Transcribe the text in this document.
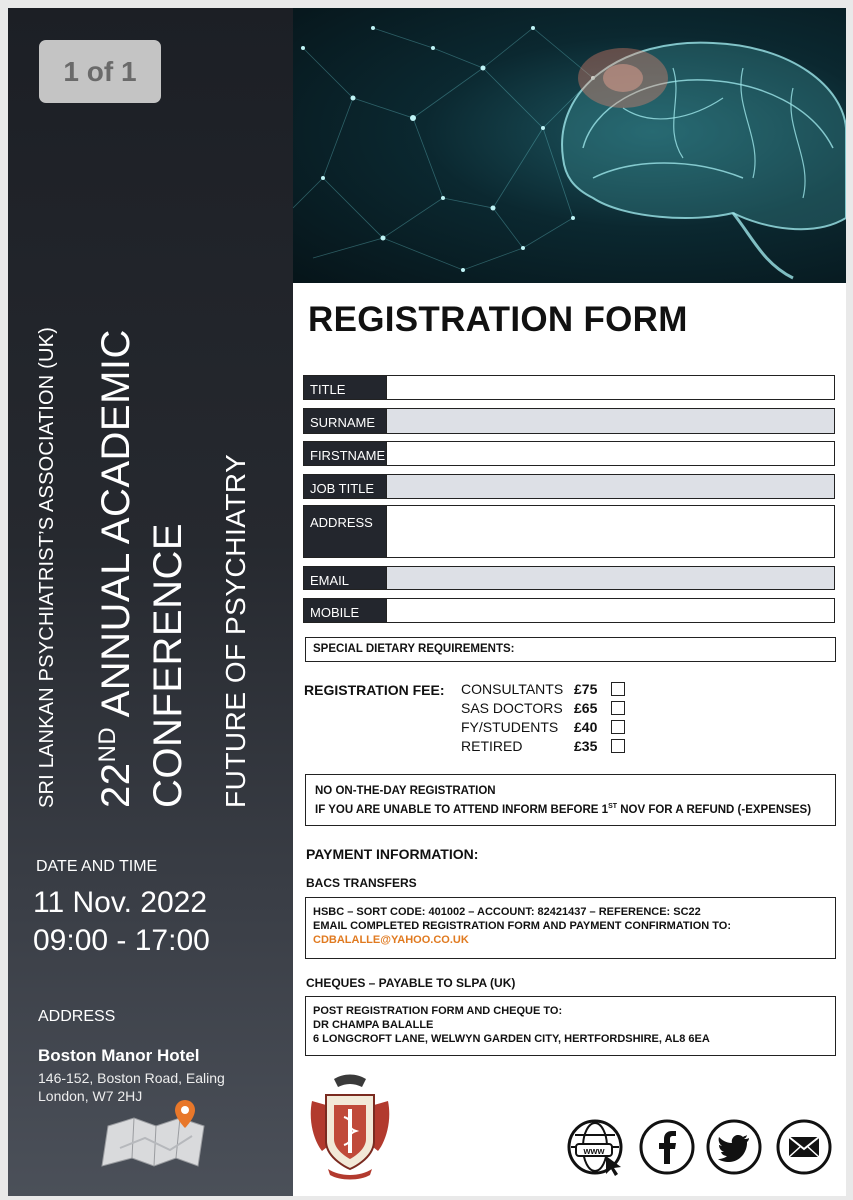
1 of 1
SRI LANKAN PSYCHIATRIST’S ASSOCIATION (UK) 22ND ANNUAL ACADEMIC CONFERENCE FUTURE OF PSYCHIATRY
DATE AND TIME
11 Nov. 2022
09:00 - 17:00
ADDRESS
Boston Manor Hotel
146-152, Boston Road, Ealing
London, W7 2HJ
REGISTRATION FORM
TITLE
SURNAME
FIRSTNAME
JOB TITLE
ADDRESS
EMAIL
MOBILE
SPECIAL DIETARY REQUIREMENTS:
REGISTRATION FEE: CONSULTANTS £75
SAS DOCTORS £65
FY/STUDENTS £40
RETIRED	£35
NO ON-THE-DAY REGISTRATION
IF YOU ARE UNABLE TO ATTEND INFORM BEFORE 1ST NOV FOR A REFUND (-EXPENSES)
PAYMENT INFORMATION:
BACS TRANSFERS
HSBC – SORT CODE: 401002 – ACCOUNT: 82421437 – REFERENCE: SC22
EMAIL COMPLETED REGISTRATION FORM AND PAYMENT CONFIRMATION TO:
CDBALALLE@YAHOO.CO.UK
CHEQUES – PAYABLE TO SLPA (UK)
POST REGISTRATION FORM AND CHEQUE TO:
DR CHAMPA BALALLE
6 LONGCROFT LANE, WELWYN GARDEN CITY, HERTFORDSHIRE, AL8 6EA
www
